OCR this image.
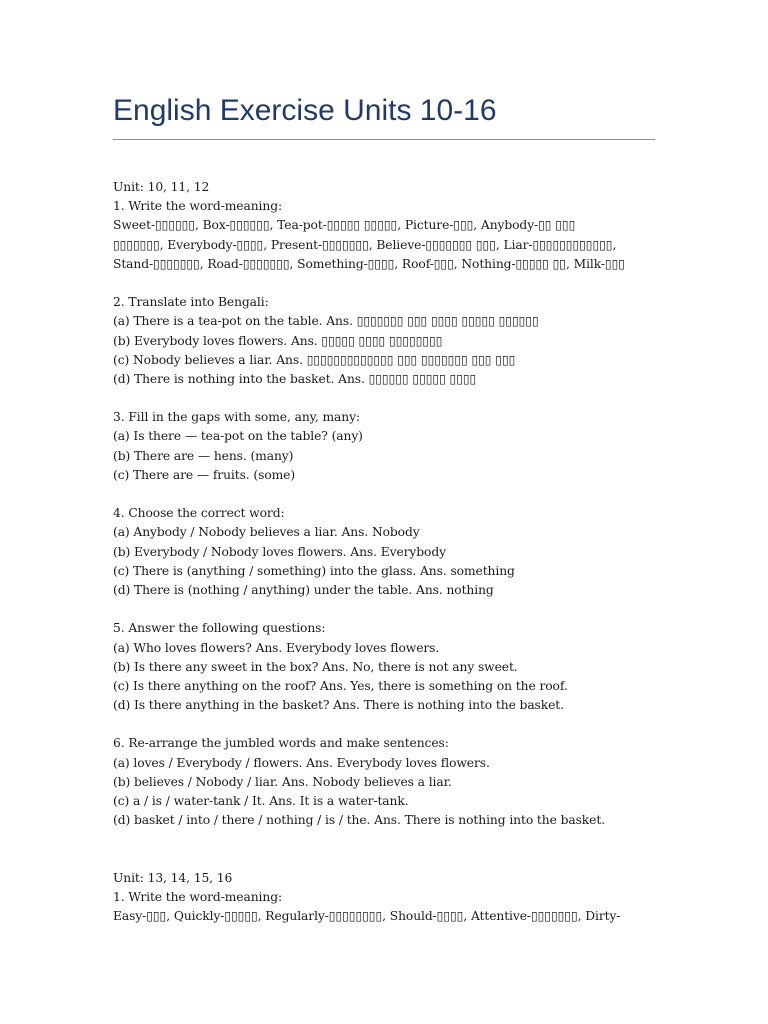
English Exercise Units 10-16
Unit: 10, 11, 12
1. Write the word-meaning:
Sweet-▯▯▯▯▯▯, Box-▯▯▯▯▯▯, Tea-pot-▯▯▯▯▯ ▯▯▯▯▯, Picture-▯▯▯, Anybody-▯▯ ▯▯▯
▯▯▯▯▯▯▯, Everybody-▯▯▯▯, Present-▯▯▯▯▯▯▯, Believe-▯▯▯▯▯▯▯ ▯▯▯, Liar-▯▯▯▯▯▯▯▯▯▯▯▯,
Stand-▯▯▯▯▯▯▯, Road-▯▯▯▯▯▯▯, Something-▯▯▯▯, Roof-▯▯▯, Nothing-▯▯▯▯▯ ▯▯, Milk-▯▯▯
2. Translate into Bengali:
(a) There is a tea-pot on the table. Ans. ▯▯▯▯▯▯▯ ▯▯▯ ▯▯▯▯ ▯▯▯▯▯ ▯▯▯▯▯▯
(b) Everybody loves flowers. Ans. ▯▯▯▯▯ ▯▯▯▯ ▯▯▯▯▯▯▯▯
(c) Nobody believes a liar. Ans. ▯▯▯▯▯▯▯▯▯▯▯▯▯ ▯▯▯ ▯▯▯▯▯▯▯ ▯▯▯ ▯▯▯
(d) There is nothing into the basket. Ans. ▯▯▯▯▯▯ ▯▯▯▯▯ ▯▯▯▯
3. Fill in the gaps with some, any, many:
(a) Is there — tea-pot on the table? (any)
(b) There are — hens. (many)
(c) There are — fruits. (some)
4. Choose the correct word:
(a) Anybody / Nobody believes a liar. Ans. Nobody
(b) Everybody / Nobody loves flowers. Ans. Everybody
(c) There is (anything / something) into the glass. Ans. something
(d) There is (nothing / anything) under the table. Ans. nothing
5. Answer the following questions:
(a) Who loves flowers? Ans. Everybody loves flowers.
(b) Is there any sweet in the box? Ans. No, there is not any sweet.
(c) Is there anything on the roof? Ans. Yes, there is something on the roof.
(d) Is there anything in the basket? Ans. There is nothing into the basket.
6. Re-arrange the jumbled words and make sentences:
(a) loves / Everybody / flowers. Ans. Everybody loves flowers.
(b) believes / Nobody / liar. Ans. Nobody believes a liar.
(c) a / is / water-tank / It. Ans. It is a water-tank.
(d) basket / into / there / nothing / is / the. Ans. There is nothing into the basket.
Unit: 13, 14, 15, 16
1. Write the word-meaning:
Easy-▯▯▯, Quickly-▯▯▯▯▯, Regularly-▯▯▯▯▯▯▯▯, Should-▯▯▯▯, Attentive-▯▯▯▯▯▯▯, Dirty-
